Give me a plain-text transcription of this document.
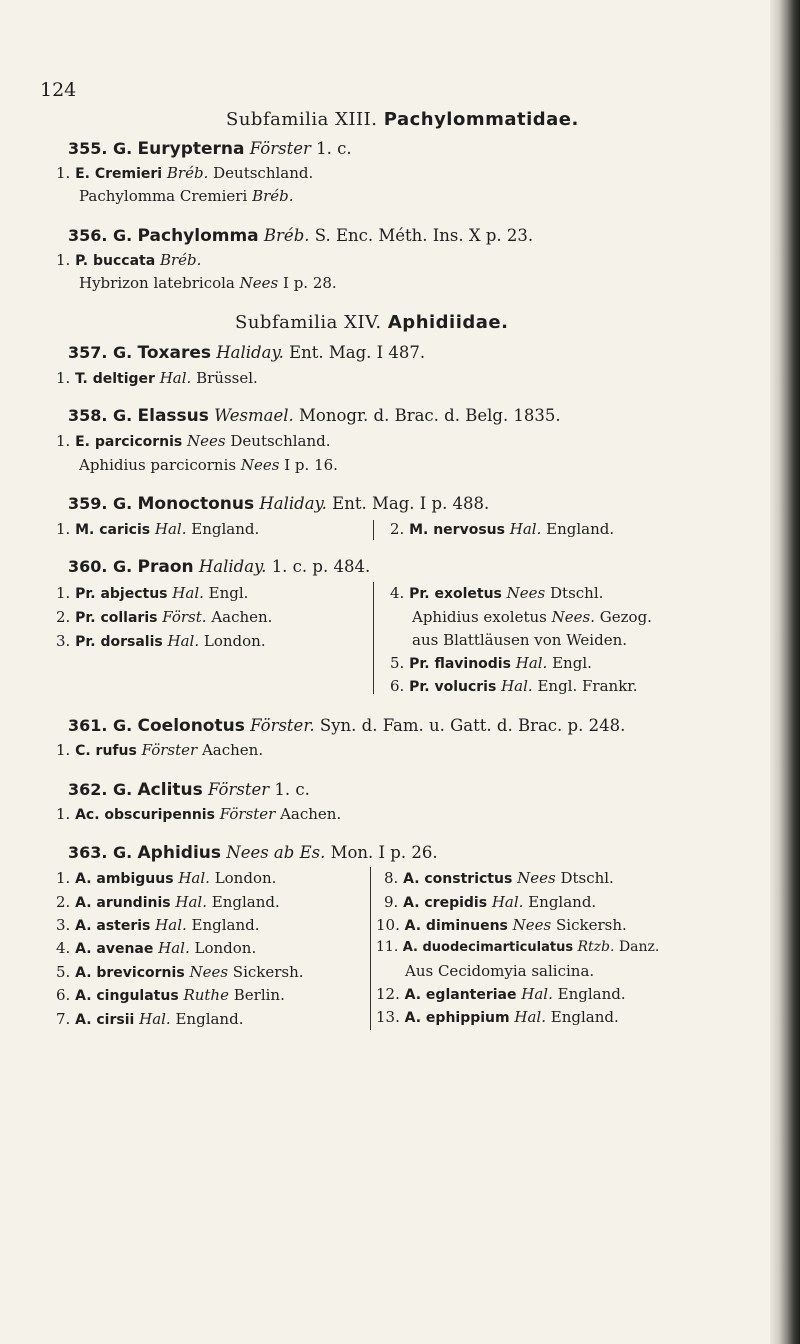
124
Subfamilia XIII. Pachylommatidae.
355. G. Eurypterna Förster 1. c.
1. E. Cremieri Bréb. Deutschland.
Pachylomma Cremieri Bréb.
356. G. Pachylomma Bréb. S. Enc. Méth. Ins. X p. 23.
1. P. buccata Bréb.
Hybrizon latebricola Nees I p. 28.
Subfamilia XIV. Aphidiidae.
357. G. Toxares Haliday. Ent. Mag. I 487.
1. T. deltiger Hal. Brüssel.
358. G. Elassus Wesmael. Monogr. d. Brac. d. Belg. 1835.
1. E. parcicornis Nees Deutschland.
Aphidius parcicornis Nees I p. 16.
359. G. Monoctonus Haliday. Ent. Mag. I p. 488.
1. M. caricis Hal. England.	2. M. nervosus Hal. England.
360. G. Praon Haliday. 1. c. p. 484.
1. Pr. abjectus Hal. Engl.
2. Pr. collaris Först. Aachen.
3. Pr. dorsalis Hal. London.
4. Pr. exoletus Nees Dtschl.
Aphidius exoletus Nees. Gezog.
aus Blattläusen von Weiden.
5. Pr. flavinodis Hal. Engl.
6. Pr. volucris Hal. Engl. Frankr.
361. G. Coelonotus Förster. Syn. d. Fam. u. Gatt. d. Brac. p. 248.
1. C. rufus Förster Aachen.
362. G. Aclitus Förster 1. c.
1. Ac. obscuripennis Förster Aachen.
363. G. Aphidius Nees ab Es. Mon. I p. 26.
1. A. ambiguus Hal. London.
2. A. arundinis Hal. England.
3. A. asteris Hal. England.
4. A. avenae Hal. London.
5. A. brevicornis Nees Sickersh.
6. A. cingulatus Ruthe Berlin.
7. A. cirsii Hal. England.
8. A. constrictus Nees Dtschl.
9. A. crepidis Hal. England.
10. A. diminuens Nees Sickersh.
11. A. duodecimarticulatus Rtzb. Danz.
Aus Cecidomyia salicina.
12. A. eglanteriae Hal. England.
13. A. ephippium Hal. England.
